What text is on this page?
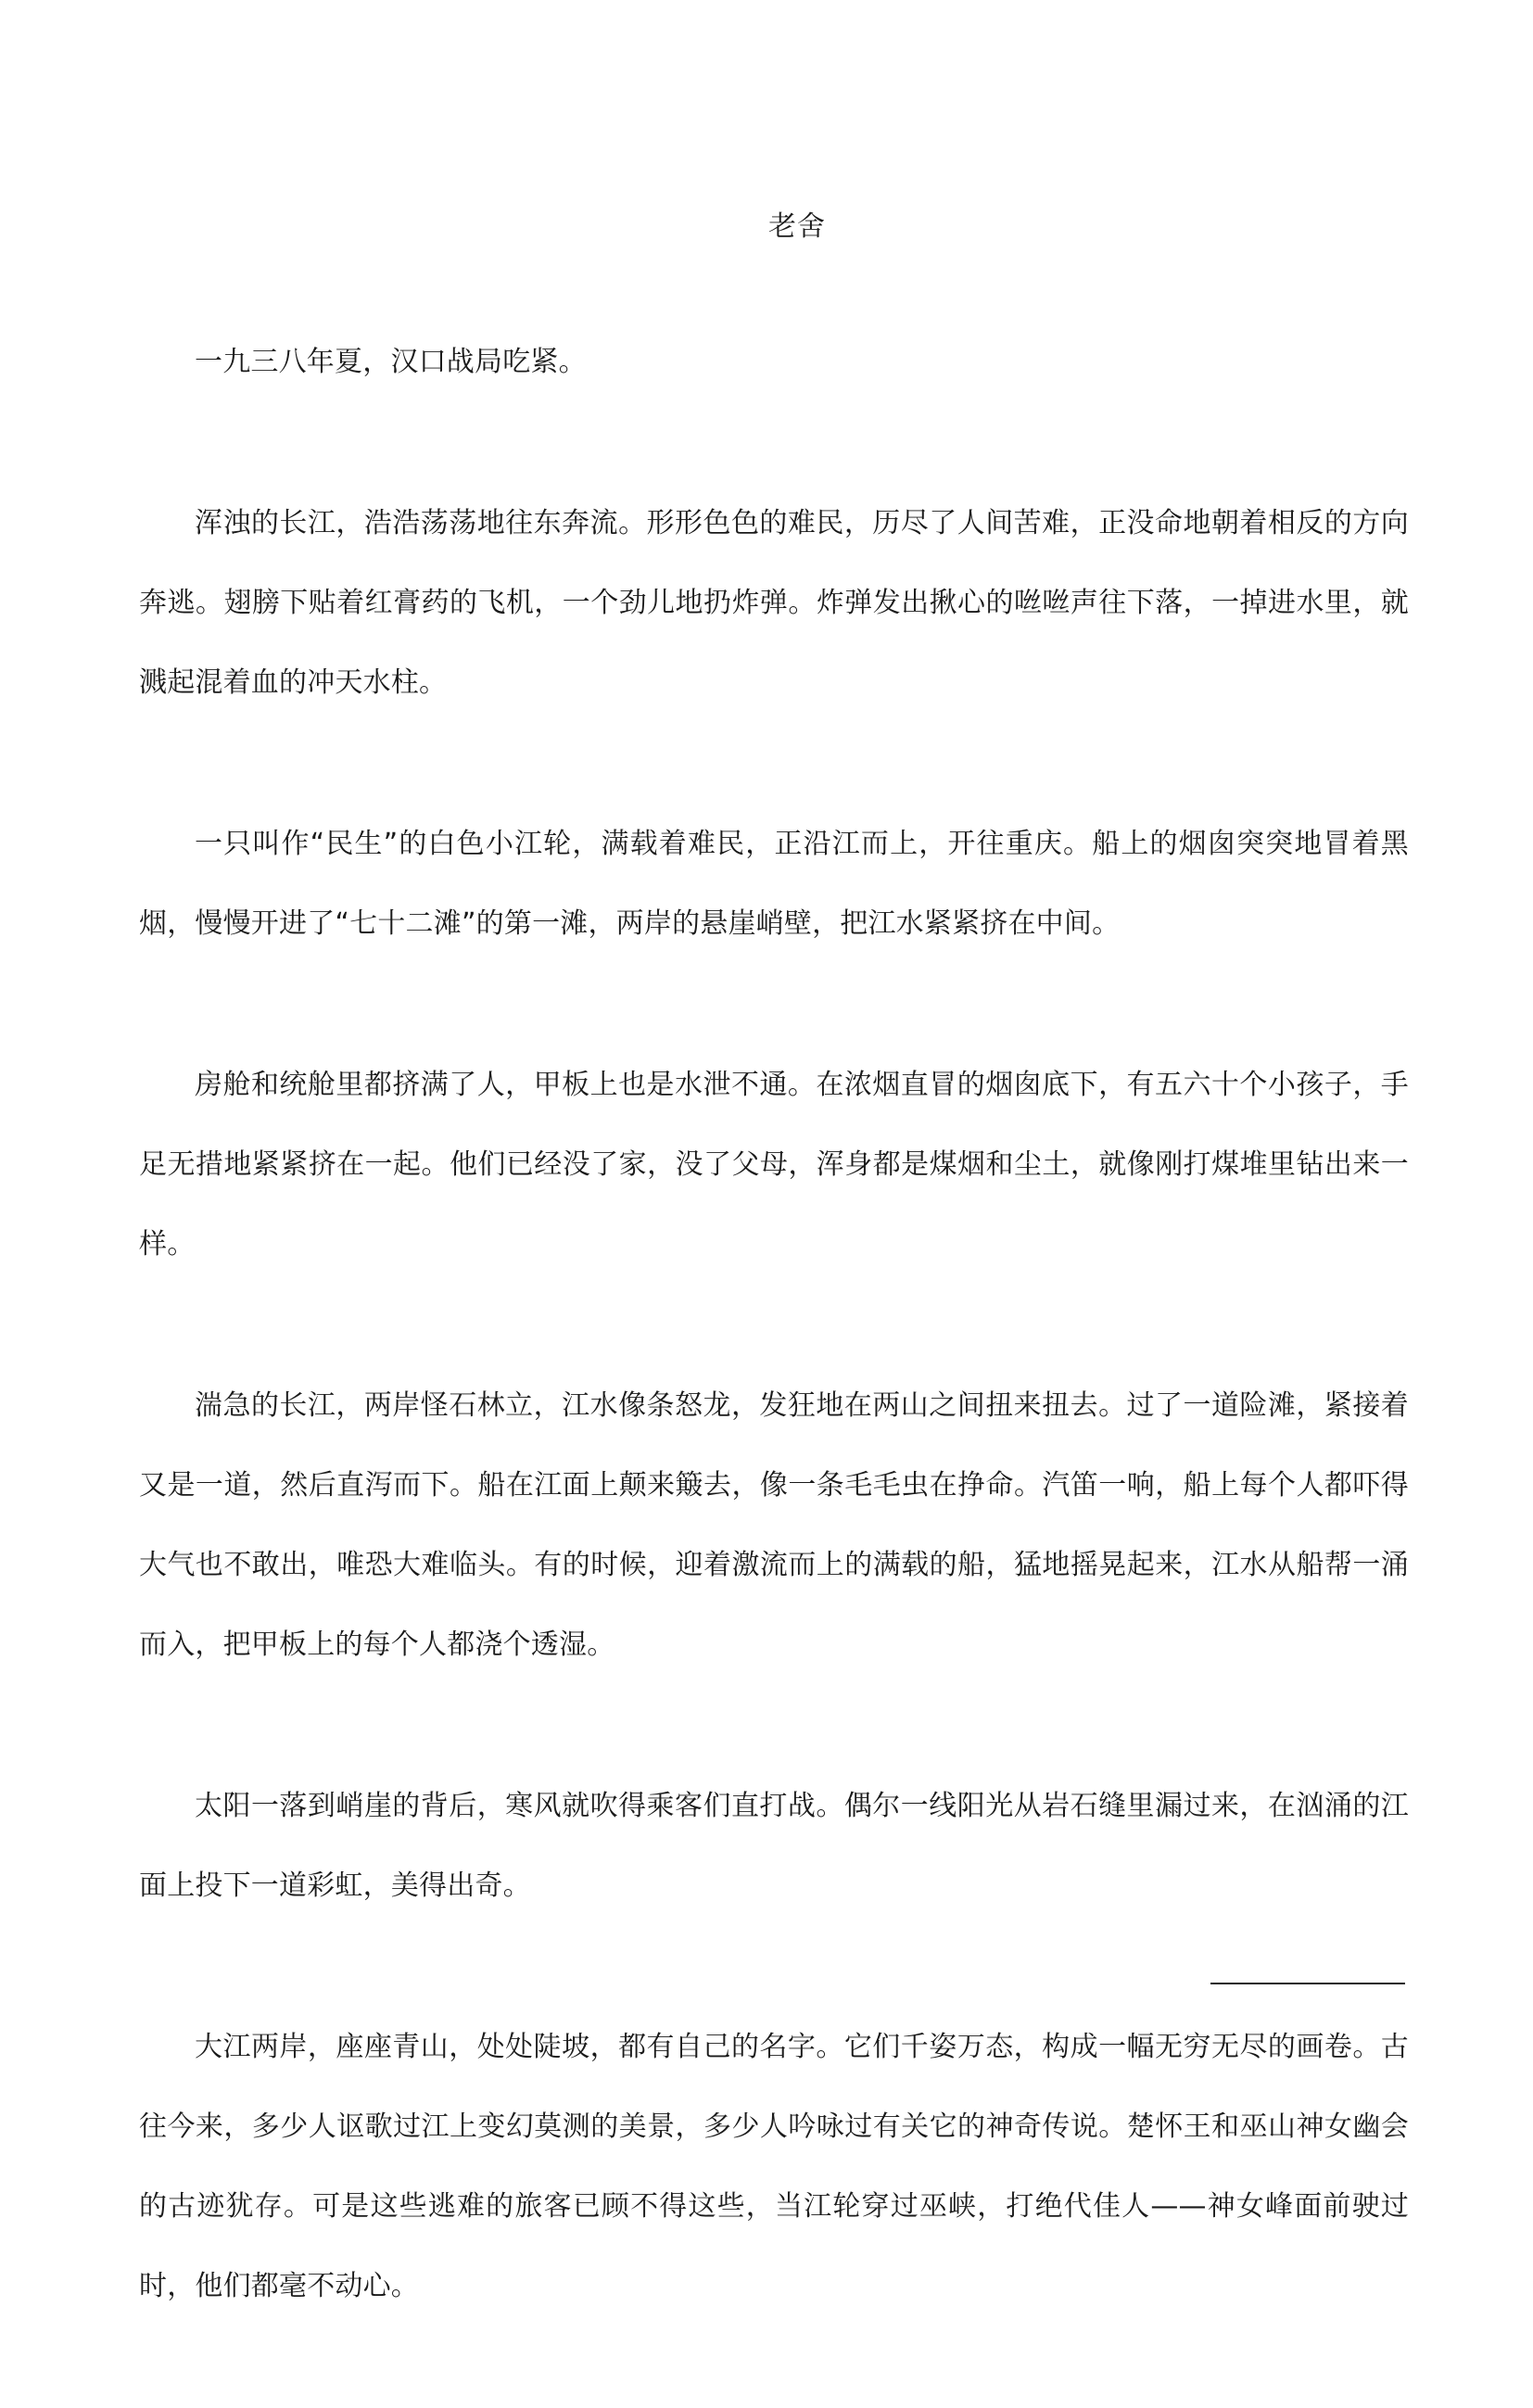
老舍

一九三八年夏，汉口战局吃紧。

浑浊的长江，浩浩荡荡地往东奔流。形形色色的难民，历尽了人间苦难，正没命地朝着相反的方向奔逃。翅膀下贴着红膏药的飞机，一个劲儿地扔炸弹。炸弹发出揪心的咝咝声往下落，一掉进水里，就溅起混着血的冲天水柱。

一只叫作“民生”的白色小江轮，满载着难民，正沿江而上，开往重庆。船上的烟囱突突地冒着黑烟，慢慢开进了“七十二滩”的第一滩，两岸的悬崖峭壁，把江水紧紧挤在中间。

房舱和统舱里都挤满了人，甲板上也是水泄不通。在浓烟直冒的烟囱底下，有五六十个小孩子，手足无措地紧紧挤在一起。他们已经没了家，没了父母，浑身都是煤烟和尘土，就像刚打煤堆里钻出来一样。

湍急的长江，两岸怪石林立，江水像条怒龙，发狂地在两山之间扭来扭去。过了一道险滩，紧接着又是一道，然后直泻而下。船在江面上颠来簸去，像一条毛毛虫在挣命。汽笛一响，船上每个人都吓得大气也不敢出，唯恐大难临头。有的时候，迎着激流而上的满载的船，猛地摇晃起来，江水从船帮一涌而入，把甲板上的每个人都浇个透湿。

太阳一落到峭崖的背后，寒风就吹得乘客们直打战。偶尔一线阳光从岩石缝里漏过来，在汹涌的江面上投下一道彩虹，美得出奇。

大江两岸，座座青山，处处陡坡，都有自己的名字。它们千姿万态，构成一幅无穷无尽的画卷。古往今来，多少人讴歌过江上变幻莫测的美景，多少人吟咏过有关它的神奇传说。楚怀王和巫山神女幽会的古迹犹存。可是这些逃难的旅客已顾不得这些，当江轮穿过巫峡，打绝代佳人——神女峰面前驶过时，他们都毫不动心。
